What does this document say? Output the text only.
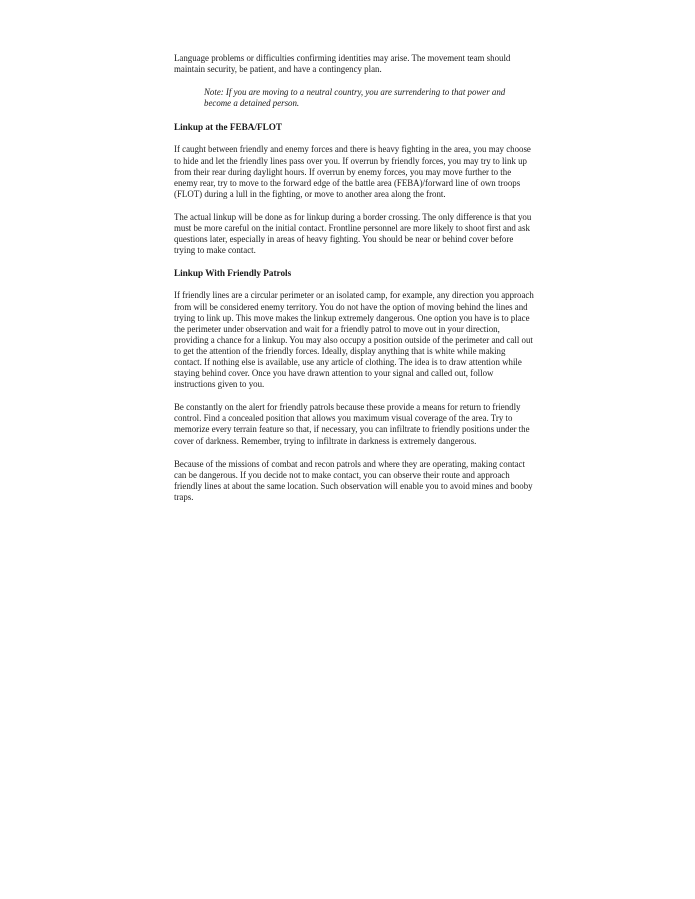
Language problems or difficulties confirming identities may arise. The movement team should maintain security, be patient, and have a contingency plan.

Note: If you are moving to a neutral country, you are surrendering to that power and become a detained person.

Linkup at the FEBA/FLOT

If caught between friendly and enemy forces and there is heavy fighting in the area, you may choose to hide and let the friendly lines pass over you. If overrun by friendly forces, you may try to link up from their rear during daylight hours. If overrun by enemy forces, you may move further to the enemy rear, try to move to the forward edge of the battle area (FEBA)/forward line of own troops (FLOT) during a lull in the fighting, or move to another area along the front.

The actual linkup will be done as for linkup during a border crossing. The only difference is that you must be more careful on the initial contact. Frontline personnel are more likely to shoot first and ask questions later, especially in areas of heavy fighting. You should be near or behind cover before trying to make contact.

Linkup With Friendly Patrols

If friendly lines are a circular perimeter or an isolated camp, for example, any direction you approach from will be considered enemy territory. You do not have the option of moving behind the lines and trying to link up. This move makes the linkup extremely dangerous. One option you have is to place the perimeter under observation and wait for a friendly patrol to move out in your direction, providing a chance for a linkup. You may also occupy a position outside of the perimeter and call out to get the attention of the friendly forces. Ideally, display anything that is white while making contact. If nothing else is available, use any article of clothing. The idea is to draw attention while staying behind cover. Once you have drawn attention to your signal and called out, follow instructions given to you.

Be constantly on the alert for friendly patrols because these provide a means for return to friendly control. Find a concealed position that allows you maximum visual coverage of the area. Try to memorize every terrain feature so that, if necessary, you can infiltrate to friendly positions under the cover of darkness. Remember, trying to infiltrate in darkness is extremely dangerous.

Because of the missions of combat and recon patrols and where they are operating, making contact can be dangerous. If you decide not to make contact, you can observe their route and approach friendly lines at about the same location. Such observation will enable you to avoid mines and booby traps.
